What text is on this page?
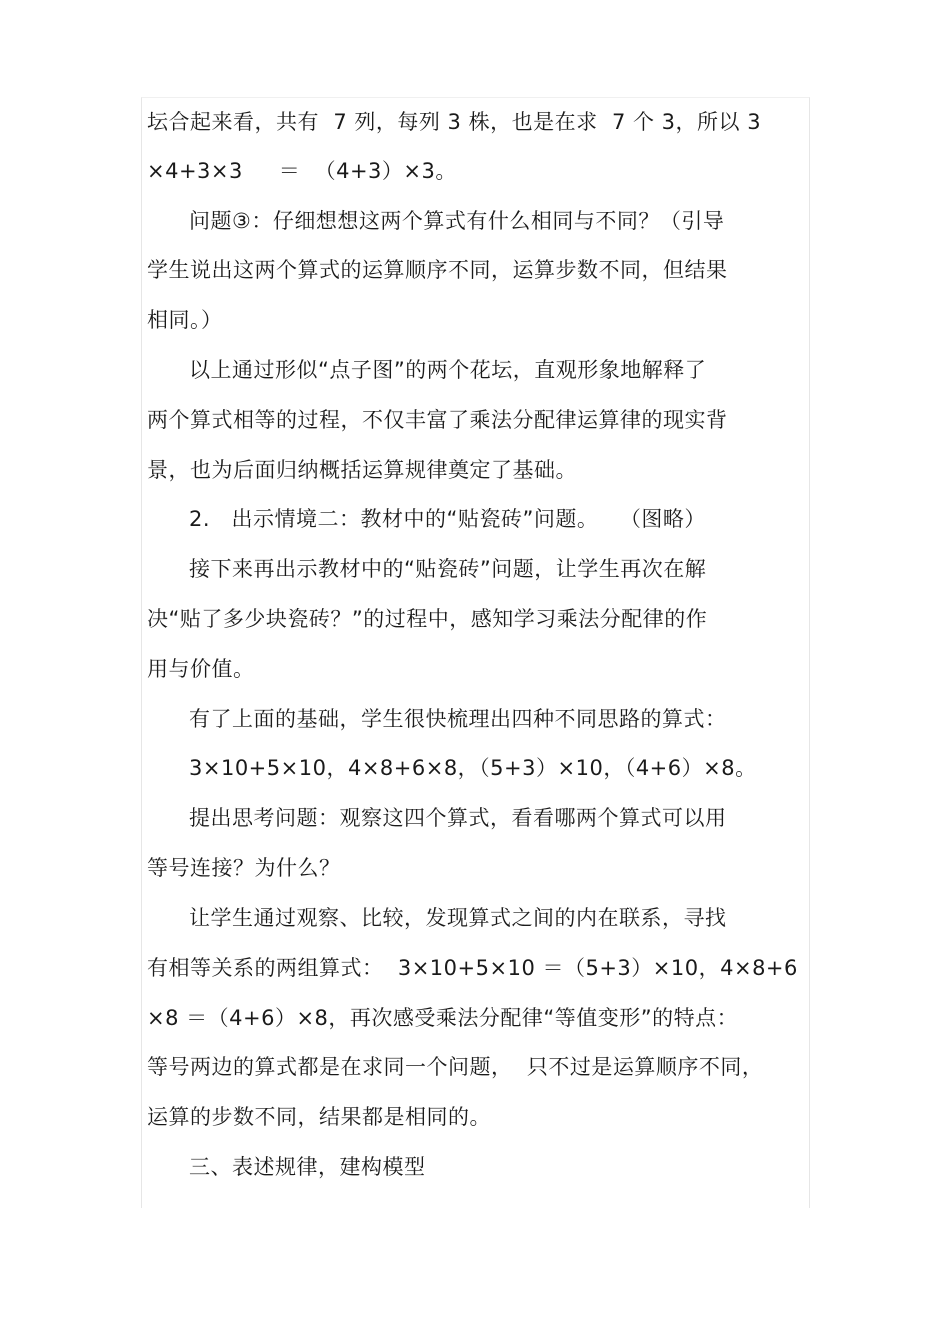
坛合起来看，共有  7 列，每列 3 株，也是在求  7 个 3，所以 3
×4+3×3     ＝  （4+3）×3。
问题③：仔细想想这两个算式有什么相同与不同？（引导
学生说出这两个算式的运算顺序不同，运算步数不同，但结果
相同。）
以上通过形似“点子图”的两个花坛，直观形象地解释了
两个算式相等的过程，不仅丰富了乘法分配律运算律的现实背
景，也为后面归纳概括运算规律奠定了基础。
2.   出示情境二：教材中的“贴瓷砖”问题。   （图略）
接下来再出示教材中的“贴瓷砖”问题，让学生再次在解
决“贴了多少块瓷砖？”的过程中，感知学习乘法分配律的作
用与价值。
有了上面的基础，学生很快梳理出四种不同思路的算式：
3×10+5×10，4×8+6×8，（5+3）×10，（4+6）×8。
提出思考问题：观察这四个算式，看看哪两个算式可以用
等号连接？为什么？
让学生通过观察、比较，发现算式之间的内在联系，寻找
有相等关系的两组算式：  3×10+5×10 ＝（5+3）×10，4×8+6
×8 ＝（4+6）×8，再次感受乘法分配律“等值变形”的特点：
等号两边的算式都是在求同一个问题，  只不过是运算顺序不同，
运算的步数不同，结果都是相同的。
三、表述规律，建构模型
